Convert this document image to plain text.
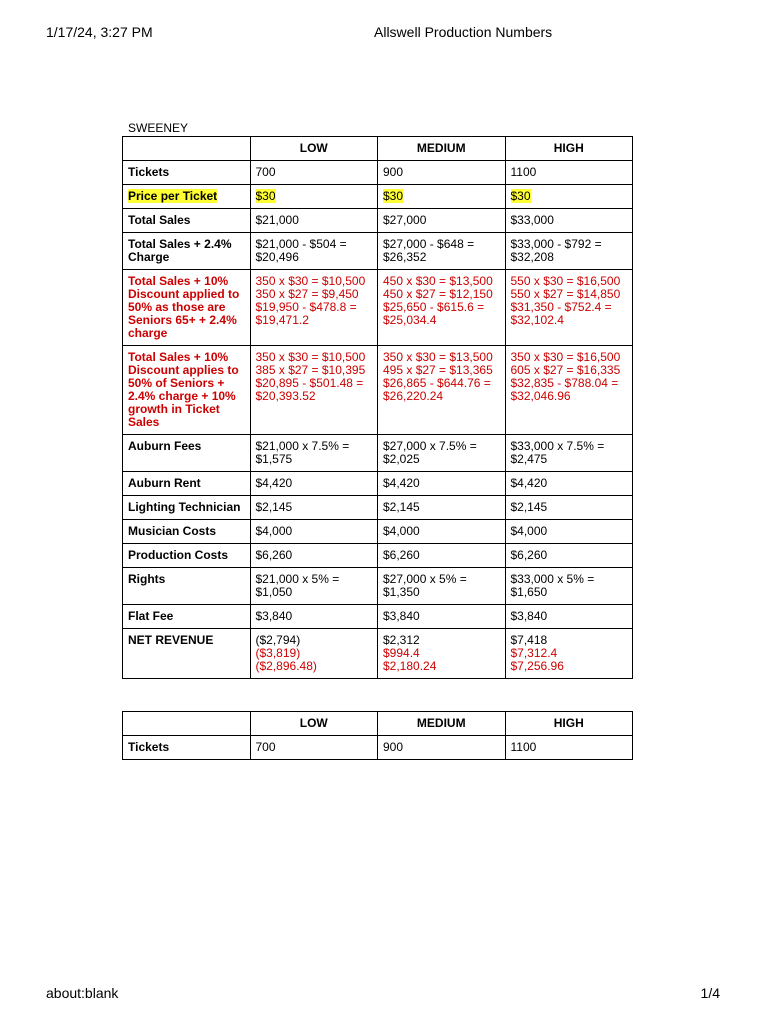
1/17/24, 3:27 PM	Allswell Production Numbers
SWEENEY
	LOW	MEDIUM	HIGH
Tickets	700	900	1100
Price per Ticket	$30	$30	$30
Total Sales	$21,000	$27,000	$33,000
Total Sales + 2.4% Charge	$21,000 - $504 =
$20,496	$27,000 - $648 =
$26,352	$33,000 - $792 =
$32,208

Total Sales + 10% Discount applied to 50% as those are Seniors 65+ + 2.4% charge	350 x $30 = $10,500
350 x $27 = $9,450
$19,950 - $478.8 =
$19,471.2	450 x $30 = $13,500
450 x $27 = $12,150
$25,650 - $615.6 =
$25,034.4	550 x $30 = $16,500
550 x $27 = $14,850
$31,350 - $752.4 =
$32,102.4

Total Sales + 10% Discount applies to 50% of Seniors + 2.4% charge + 10% growth in Ticket Sales	350 x $30 = $10,500
385 x $27 = $10,395
$20,895 - $501.48 =
$20,393.52	350 x $30 = $13,500
495 x $27 = $13,365
$26,865 - $644.76 =
$26,220.24	350 x $30 = $16,500
605 x $27 = $16,335
$32,835 - $788.04 =
$32,046.96

Auburn Fees	$21,000 x 7.5% =
$1,575	$27,000 x 7.5% =
$2,025	$33,000 x 7.5% =
$2,475

Auburn Rent	$4,420	$4,420	$4,420
Lighting Technician	$2,145	$2,145	$2,145
Musician Costs	$4,000	$4,000	$4,000
Production Costs	$6,260	$6,260	$6,260
Rights	$21,000 x 5% =
$1,050	$27,000 x 5% =
$1,350	$33,000 x 5% =
$1,650

Flat Fee	$3,840	$3,840	$3,840
NET REVENUE	($2,794)
($3,819)
($2,896.48)	$2,312
$994.4
$2,180.24	$7,418
$7,312.4
$7,256.96
	LOW	MEDIUM	HIGH
Tickets	700	900	1100
about:blank	1/4
